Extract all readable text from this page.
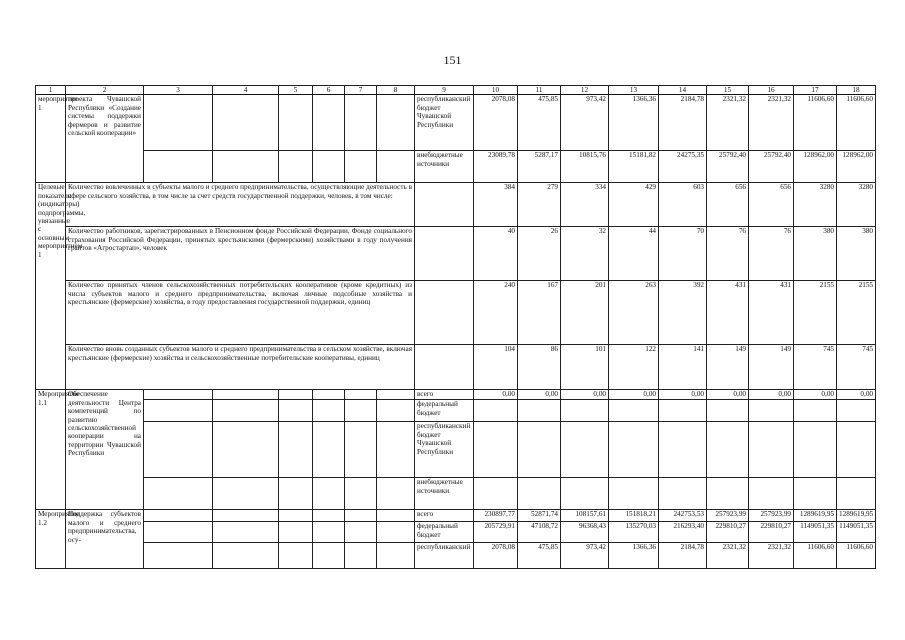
151
1	2	3	4	5	6	7	8	9	10	11	12	13	14	15	16	17	18
мероприятие 1	проекта Чувашской Республики «Создание системы поддержки фермеров и развитие сельской кооперации»							республиканский бюджет Чувашской Республики	2078,08	475,85	973,42	1366,36	2184,78	2321,32	2321,32	11606,60	11606,60
								внебюджетные источники	23089,78	5287,17	10815,76	15181,82	24275,35	25792,40	25792,40	128962,00	128962,00
Целевые показатели (индикаторы) подпрограммы, увязанные с основным мероприятием 1	Количество вовлеченных в субъекты малого и среднего предпринимательства, осуществляющие деятельность в сфере сельского хозяйства, в том числе за счет средств государственной поддержки, человек, в том числе:								384	279	334	429	603	656	656	3280	3280
	Количество работников, зарегистрированных в Пенсионном фонде Российской Федерации, Фонде социального страхования Российской Федерации, принятых крестьянскими (фермерскими) хозяйствами в году получения грантов «Агростартап», человек								40	26	32	44	70	76	76	380	380
	Количество принятых членов сельскохозяйственных потребительских кооперативов (кроме кредитных) из числа субъектов малого и среднего предпринимательства, включая личные подсобные хозяйства и крестьянские (фермерские) хозяйства, в году предоставления государственной поддержки, единиц								240	167	201	263	392	431	431	2155	2155
	Количество вновь созданных субъектов малого и среднего предпринимательства в сельском хозяйстве, включая крестьянские (фермерские) хозяйства и сельскохозяйственные потребительские кооперативы, единиц								104	86	101	122	141	149	149	745	745
Мероприятие 1.1	Обеспечение деятельности Центра компетенций по развитию сельскохозяйственной кооперации на территории Чувашской Республики							всего	0,00	0,00	0,00	0,00	0,00	0,00	0,00	0,00	0,00
								федеральный бюджет									
								республиканский бюджет Чувашской Республики									
								внебюджетные источники									
Мероприятие 1.2	Поддержка субъектов малого и среднего предпринимательства, осу-							всего	230897,77	52871,74	108157,61	151818,21	242753,53	257923,99	257923,99	1289619,95	1289619,95
								федеральный бюджет	205729,91	47108,72	96368,43	135270,03	216293,40	229810,27	229810,27	1149051,35	1149051,35
								республиканский	2078,08	475,85	973,42	1366,36	2184,78	2321,32	2321,32	11606,60	11606,60
